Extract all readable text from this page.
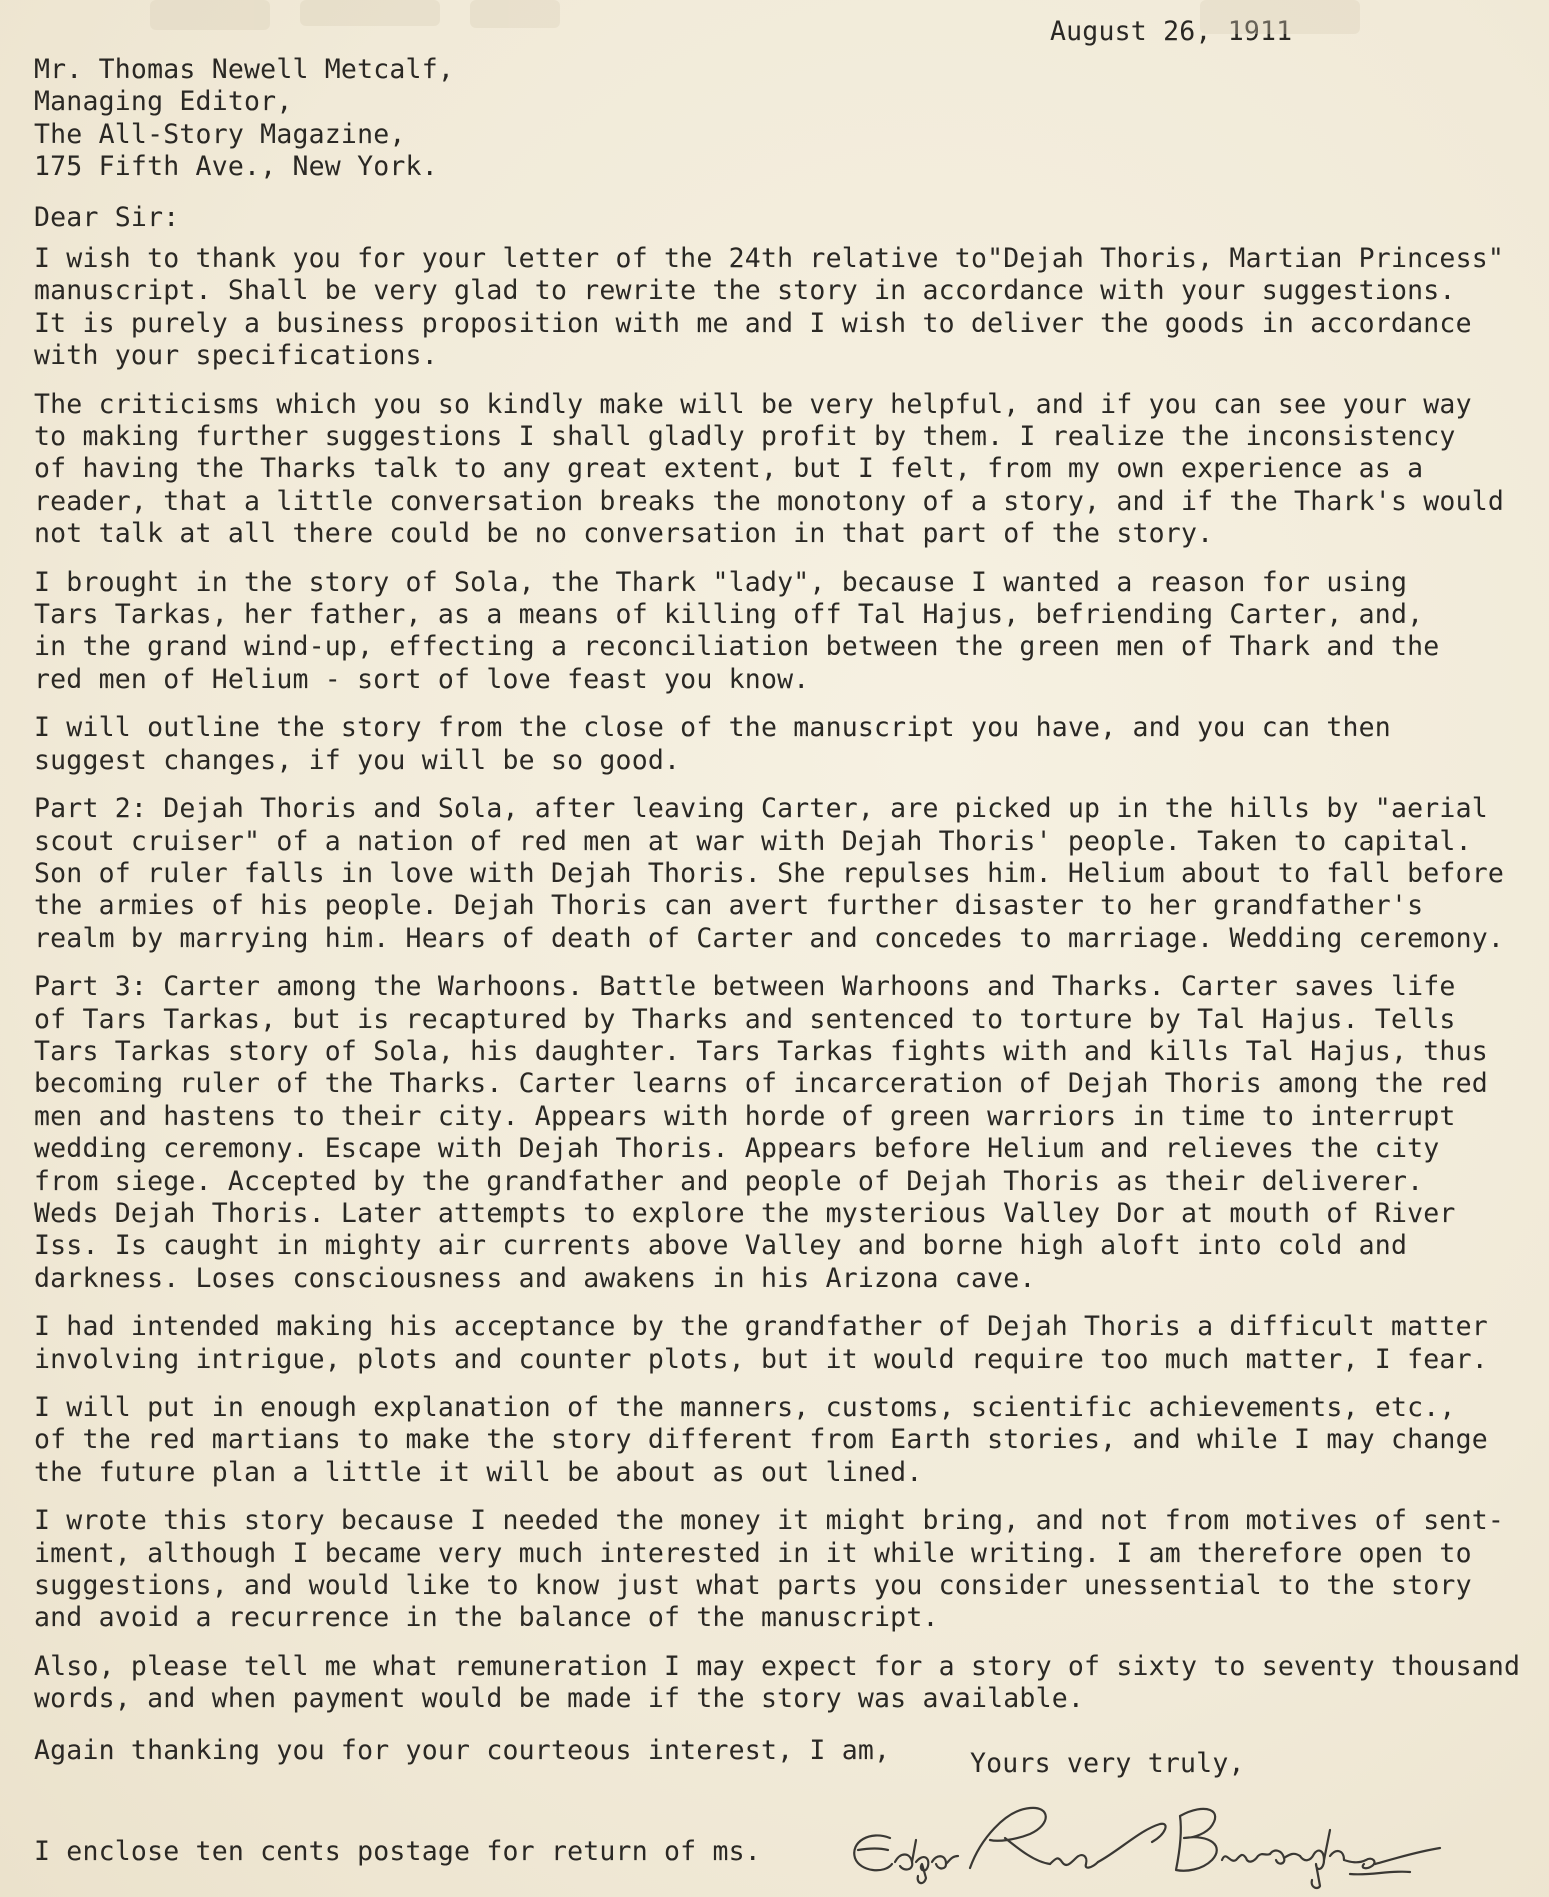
August 26, 1911
Mr. Thomas Newell Metcalf,
Managing Editor,
The All-Story Magazine,
175 Fifth Ave., New York.
Dear Sir:
I wish to thank you for your letter of the 24th relative to"Dejah Thoris, Martian Princess"
manuscript. Shall be very glad to rewrite the story in accordance with your suggestions.
It is purely a business proposition with me and I wish to deliver the goods in accordance
with your specifications.
The criticisms which you so kindly make will be very helpful, and if you can see your way
to making further suggestions I shall gladly profit by them. I realize the inconsistency
of having the Tharks talk to any great extent, but I felt, from my own experience as a
reader, that a little conversation breaks the monotony of a story, and if the Thark's would
not talk at all there could be no conversation in that part of the story.
I brought in the story of Sola, the Thark "lady", because I wanted a reason for using
Tars Tarkas, her father, as a means of killing off Tal Hajus, befriending Carter, and,
in the grand wind-up, effecting a reconciliation between the green men of Thark and the
red men of Helium - sort of love feast you know.
I will outline the story from the close of the manuscript you have, and you can then
suggest changes, if you will be so good.
Part 2: Dejah Thoris and Sola, after leaving Carter, are picked up in the hills by "aerial
scout cruiser" of a nation of red men at war with Dejah Thoris' people. Taken to capital.
Son of ruler falls in love with Dejah Thoris. She repulses him. Helium about to fall before
the armies of his people. Dejah Thoris can avert further disaster to her grandfather's
realm by marrying him. Hears of death of Carter and concedes to marriage. Wedding ceremony.
Part 3: Carter among the Warhoons. Battle between Warhoons and Tharks. Carter saves life
of Tars Tarkas, but is recaptured by Tharks and sentenced to torture by Tal Hajus. Tells
Tars Tarkas story of Sola, his daughter. Tars Tarkas fights with and kills Tal Hajus, thus
becoming ruler of the Tharks. Carter learns of incarceration of Dejah Thoris among the red
men and hastens to their city. Appears with horde of green warriors in time to interrupt
wedding ceremony. Escape with Dejah Thoris. Appears before Helium and relieves the city
from siege. Accepted by the grandfather and people of Dejah Thoris as their deliverer.
Weds Dejah Thoris. Later attempts to explore the mysterious Valley Dor at mouth of River
Iss. Is caught in mighty air currents above Valley and borne high aloft into cold and
darkness. Loses consciousness and awakens in his Arizona cave.
I had intended making his acceptance by the grandfather of Dejah Thoris a difficult matter
involving intrigue, plots and counter plots, but it would require too much matter, I fear.
I will put in enough explanation of the manners, customs, scientific achievements, etc.,
of the red martians to make the story different from Earth stories, and while I may change
the future plan a little it will be about as out lined.
I wrote this story because I needed the money it might bring, and not from motives of sent-
iment, although I became very much interested in it while writing. I am therefore open to
suggestions, and would like to know just what parts you consider unessential to the story
and avoid a recurrence in the balance of the manuscript.
Also, please tell me what remuneration I may expect for a story of sixty to seventy thousand
words, and when payment would be made if the story was available.
Again thanking you for your courteous interest, I am,	Yours very truly,
I enclose ten cents postage for return of ms.
